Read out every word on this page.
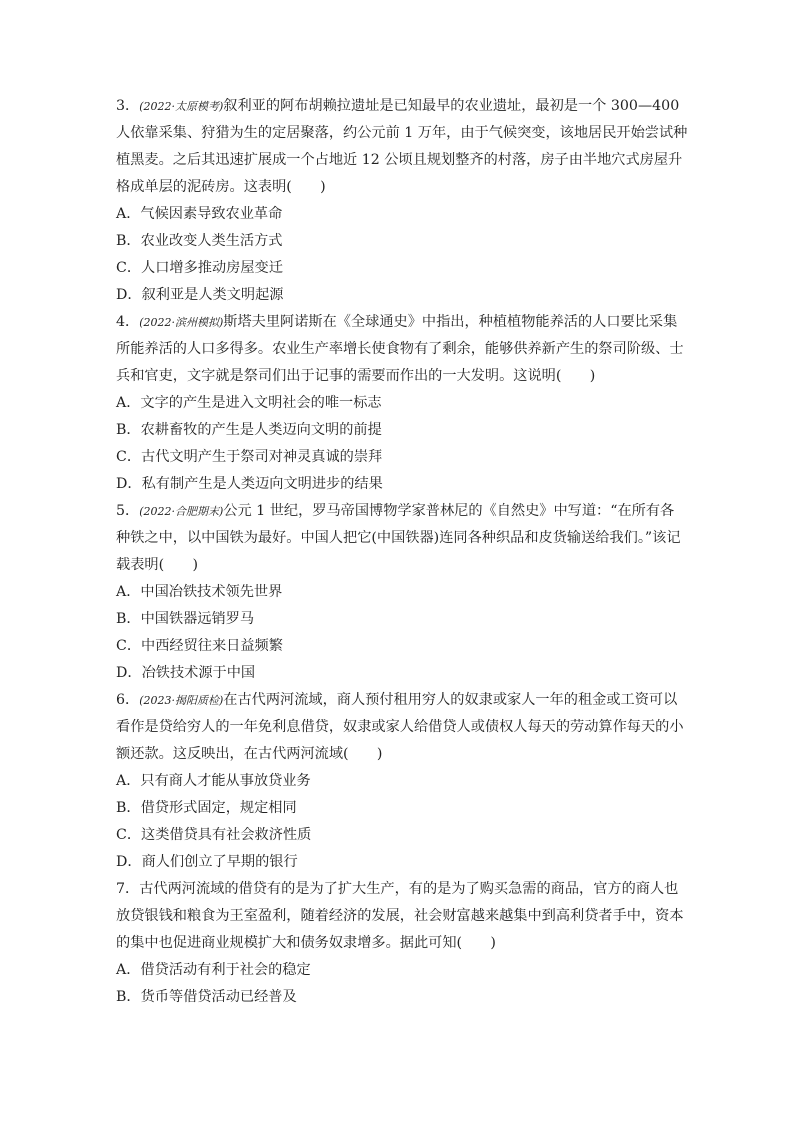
3．(2022·太原模考)叙利亚的阿布胡赖拉遗址是已知最早的农业遗址，最初是一个 300—400 人依靠采集、狩猎为生的定居聚落，约公元前 1 万年，由于气候突变，该地居民开始尝试种植黑麦。之后其迅速扩展成一个占地近 12 公顷且规划整齐的村落，房子由半地穴式房屋升格成单层的泥砖房。这表明(　　)

A．气候因素导致农业革命

B．农业改变人类生活方式

C．人口增多推动房屋变迁

D．叙利亚是人类文明起源

4．(2022·滨州模拟)斯塔夫里阿诺斯在《全球通史》中指出，种植植物能养活的人口要比采集所能养活的人口多得多。农业生产率增长使食物有了剩余，能够供养新产生的祭司阶级、士兵和官吏，文字就是祭司们出于记事的需要而作出的一大发明。这说明(　　)

A．文字的产生是进入文明社会的唯一标志

B．农耕畜牧的产生是人类迈向文明的前提

C．古代文明产生于祭司对神灵真诚的崇拜

D．私有制产生是人类迈向文明进步的结果

5．(2022·合肥期末)公元 1 世纪，罗马帝国博物学家普林尼的《自然史》中写道：“在所有各种铁之中，以中国铁为最好。中国人把它(中国铁器)连同各种织品和皮货输送给我们。”该记载表明(　　)

A．中国冶铁技术领先世界

B．中国铁器远销罗马

C．中西经贸往来日益频繁

D．冶铁技术源于中国

6．(2023·揭阳质检)在古代两河流域，商人预付租用穷人的奴隶或家人一年的租金或工资可以看作是贷给穷人的一年免利息借贷，奴隶或家人给借贷人或债权人每天的劳动算作每天的小额还款。这反映出，在古代两河流域(　　)

A．只有商人才能从事放贷业务

B．借贷形式固定，规定相同

C．这类借贷具有社会救济性质

D．商人们创立了早期的银行

7．古代两河流域的借贷有的是为了扩大生产，有的是为了购买急需的商品，官方的商人也放贷银钱和粮食为王室盈利，随着经济的发展，社会财富越来越集中到高利贷者手中，资本的集中也促进商业规模扩大和债务奴隶增多。据此可知(　　)

A．借贷活动有利于社会的稳定

B．货币等借贷活动已经普及
